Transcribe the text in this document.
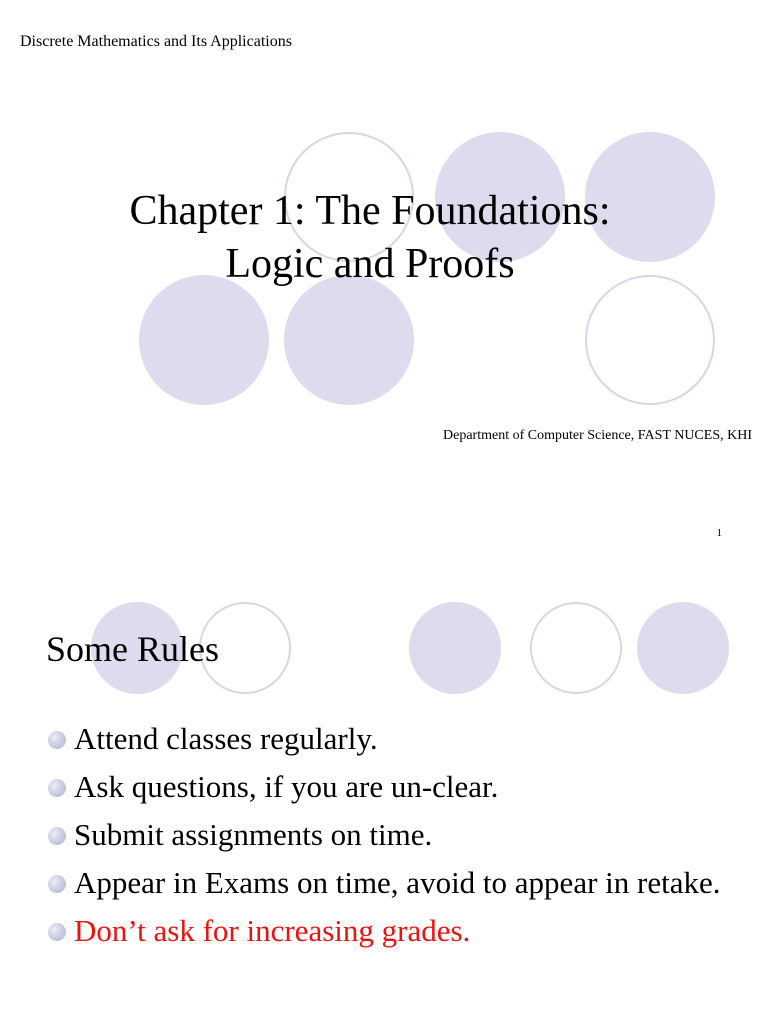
Discrete Mathematics and Its Applications
Chapter 1: The Foundations:
Logic and Proofs
Department of Computer Science, FAST NUCES, KHI
1
Some Rules
Attend classes regularly.
Ask questions, if you are un-clear.
Submit assignments on time.
Appear in Exams on time, avoid to appear in retake.
Don’t ask for increasing grades.
